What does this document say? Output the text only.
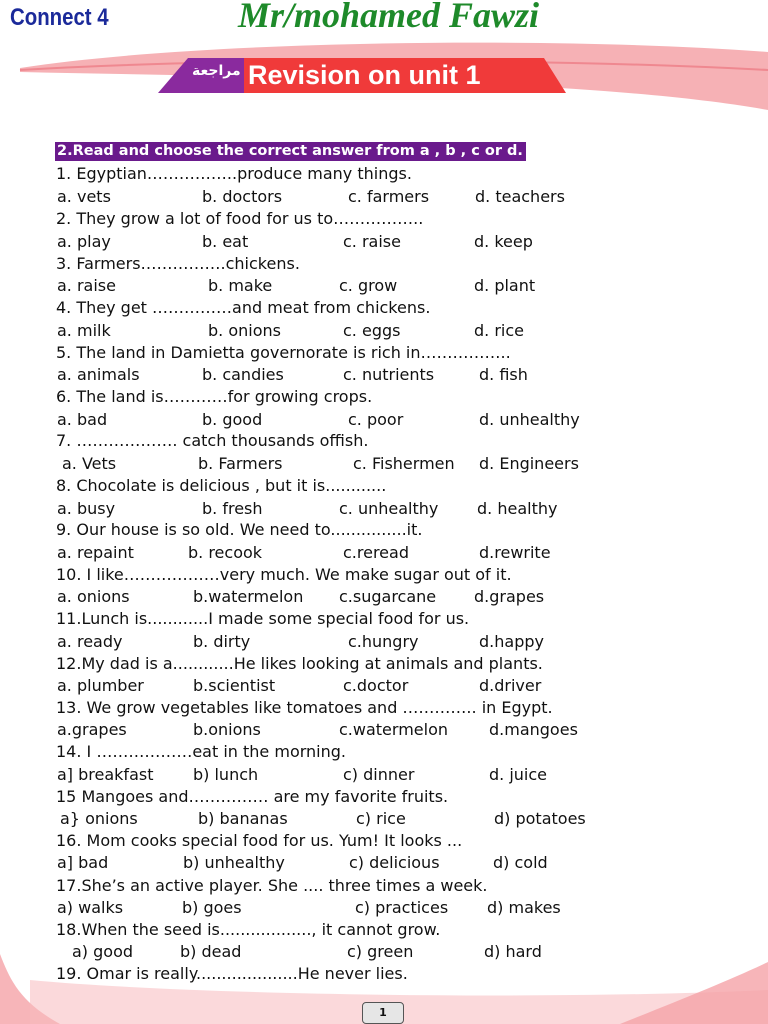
Connect 4	Mr/mohamed Fawzi
مراجعة Revision on unit 1
2.Read and choose the correct answer from a , b , c or d.
1. Egyptian……………..produce many things.
a. vets	b. doctors	c. farmers	d. teachers
2. They grow a lot of food for us to……………..
a. play	b. eat	c. raise	d. keep
3. Farmers…………….chickens.
a. raise	b. make	c. grow	d. plant
4. They get ……………and meat from chickens.
a. milk	b. onions	c. eggs	d. rice
5. The land in Damietta governorate is rich in……………..
a. animals	b. candies	c. nutrients	d. fish
6. The land is…………for growing crops.
a. bad	b. good	c. poor	d. unhealthy
7. ………………. catch thousands offish.
a. Vets	b. Farmers	c. Fishermen d. Engineers
8. Chocolate is delicious , but it is............
a. busy	b. fresh	c. unhealthy d. healthy
9. Our house is so old. We need to...............it.
a. repaint	b. recook	c.reread	d.rewrite
10. I like………………very much. We make sugar out of it.
a. onions	b.watermelon c.sugarcane d.grapes
11.Lunch is............I made some special food for us.
a. ready	b. dirty	c.hungry	d.happy
12.My dad is a............He likes looking at animals and plants.
a. plumber	b.scientist	c.doctor	d.driver
13. We grow vegetables like tomatoes and ………….. in Egypt.
a.grapes	b.onions	c.watermelon	d.mangoes
14. I ………………eat in the morning.
a] breakfast b) lunch	c) dinner	d. juice
15 Mangoes and…………… are my favorite fruits.
a} onions	b) bananas	c) rice	d) potatoes
16. Mom cooks special food for us. Yum! It looks ...
a] bad	b) unhealthy	c) delicious	d) cold
17.She’s an active player. She .... three times a week.
a) walks	b) goes	c) practices d) makes
18.When the seed is.................., it cannot grow.
a) good	b) dead	c) green	d) hard
19. Omar is really....................He never lies.
1
